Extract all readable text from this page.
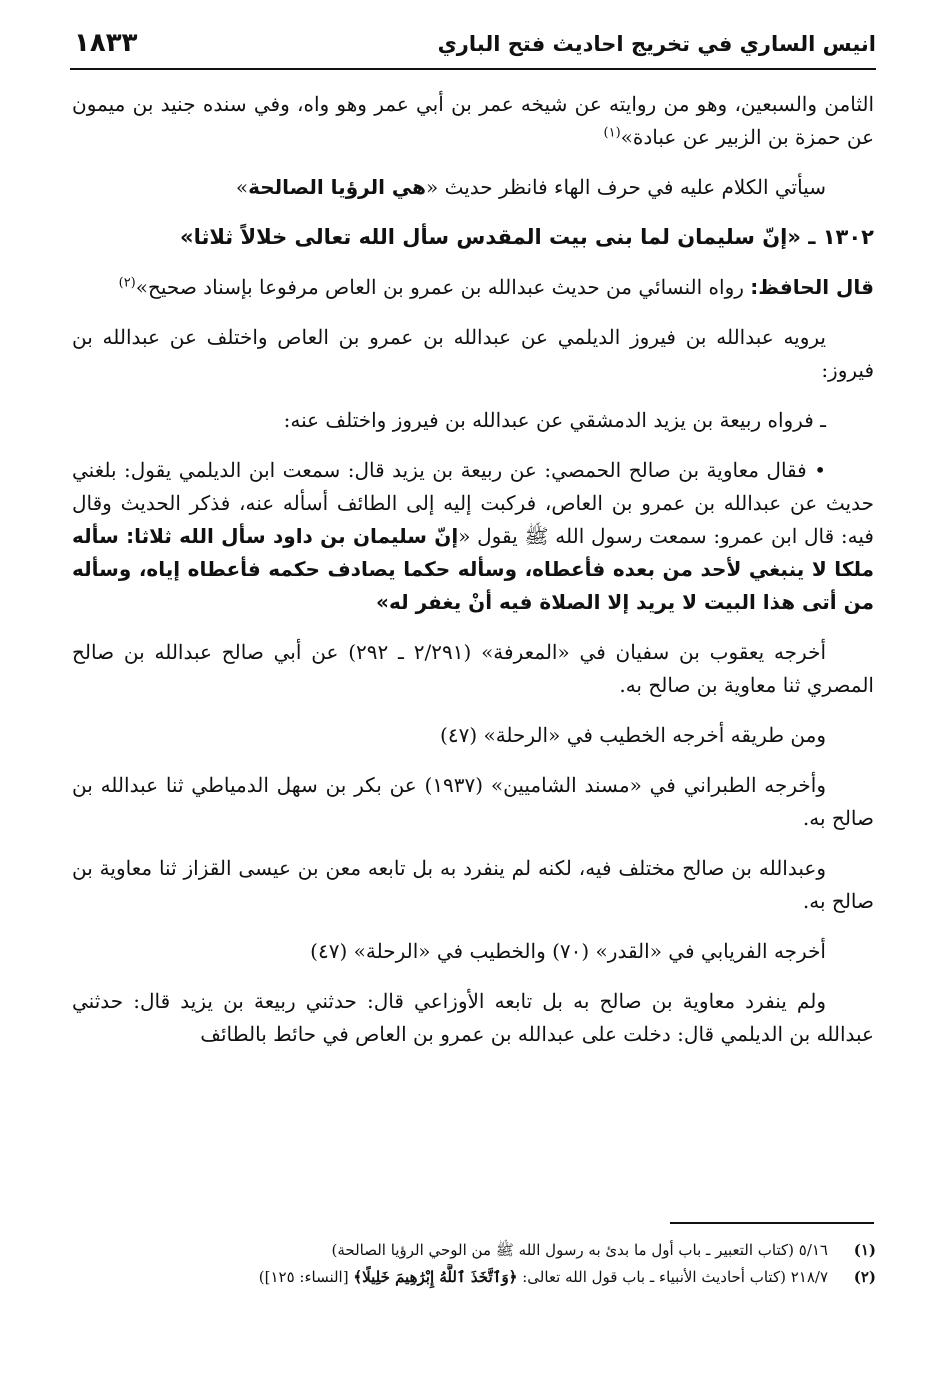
انيس الساري في تخريج احاديث فتح الباري
١٨٣٣

الثامن والسبعين، وهو من روايته عن شيخه عمر بن أبي عمر وهو واه، وفي سنده جنيد بن ميمون عن حمزة بن الزبير عن عبادة»$^{(١)}$

سيأتي الكلام عليه في حرف الهاء فانظر حديث «هي الرؤيا الصالحة»

١٣٠٢ ـ «إنّ سليمان لما بنى بيت المقدس سأل الله تعالى خلالاً ثلاثا»

قال الحافظ: رواه النسائي من حديث عبدالله بن عمرو بن العاص مرفوعا بإسناد صحيح»$^{(٢)}$

يرويه عبدالله بن فيروز الديلمي عن عبدالله بن عمرو بن العاص واختلف عن عبدالله بن فيروز:

ـ فرواه ربيعة بن يزيد الدمشقي عن عبدالله بن فيروز واختلف عنه:

• فقال معاوية بن صالح الحمصي: عن ربيعة بن يزيد قال: سمعت ابن الديلمي يقول: بلغني حديث عن عبدالله بن عمرو بن العاص، فركبت إليه إلى الطائف أسأله عنه، فذكر الحديث وقال فيه: قال ابن عمرو: سمعت رسول الله ﷺ يقول «إنّ سليمان بن داود سأل الله ثلاثا: سأله ملكا لا ينبغي لأحد من بعده فأعطاه، وسأله حكما يصادف حكمه فأعطاه إياه، وسأله من أتى هذا البيت لا يريد إلا الصلاة فيه أنْ يغفر له»

أخرجه يعقوب بن سفيان في «المعرفة» (٢/٢٩١ ـ ٢٩٢) عن أبي صالح عبدالله بن صالح المصري ثنا معاوية بن صالح به.

ومن طريقه أخرجه الخطيب في «الرحلة» (٤٧)

وأخرجه الطبراني في «مسند الشاميين» (١٩٣٧) عن بكر بن سهل الدمياطي ثنا عبدالله بن صالح به.

وعبدالله بن صالح مختلف فيه، لكنه لم ينفرد به بل تابعه معن بن عيسى القزاز ثنا معاوية بن صالح به.

أخرجه الفريابي في «القدر» (٧٠) والخطيب في «الرحلة» (٤٧)

ولم ينفرد معاوية بن صالح به بل تابعه الأوزاعي قال: حدثني ربيعة بن يزيد قال: حدثني عبدالله بن الديلمي قال: دخلت على عبدالله بن عمرو بن العاص في حائط بالطائف

(١)٥/١٦ (كتاب التعبير ـ باب أول ما بدئ به رسول الله ﷺ من الوحي الرؤيا الصالحة)
(٢)٢١٨/٧ (كتاب أحاديث الأنبياء ـ باب قول الله تعالى: ﴿وَٱتَّخَذَ ٱللَّهُ إِبْرَٰهِيمَ خَلِيلًا﴾ [النساء: ١٢٥])
